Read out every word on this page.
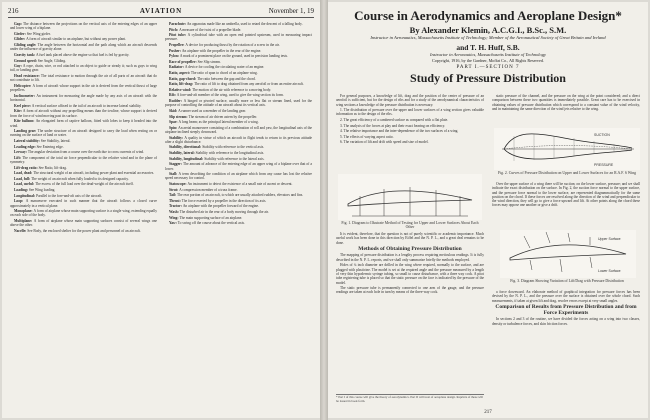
216	AVIATION	November 1, 19

Gap: The distance between the projections on the vertical axis of the entering edges of an upper and lower wing of a biplane.

Girder: See Wing girder.

Glider: A form of aircraft similar to an airplane, but without any power plant.

Gliding angle: The angle between the horizontal and the path along which an aircraft descends under the influence of gravity alone.

Gravity tank: A fuel tank placed above the engine so that fuel is fed by gravity.

Ground speed: See Angle, Gliding.

Guy: A rope, chain, wire, or rod attached to an object to guide or steady it; such as guys to wing tail, or landing gear.

Head resistance: The total resistance to motion through the air of all parts of an aircraft that do not contribute to lift.

Helicopter: A form of aircraft whose support in the air is derived from the vertical thrust of large propellers.

Inclinometer: An instrument for measuring the angle made by any axis of an aircraft with the horizontal.

Keel piece: A vertical surface affixed to the tail of an aircraft to increase lateral stability.

Kite: A form of aircraft without any propelling means than the towline, whose support is derived from the force of wind moving past its surface.

Kite balloon: An elongated form of captive balloon, fitted with lobes to keep it headed into the wind.

Landing gear: The under structure of an aircraft designed to carry the load when resting on or running on the surface of land or water.

Lateral stability: See Stability, lateral.

Leading edge: See Entering edge.

Leeway: The angular deviation from a course over the earth due to cross currents of wind.

Lift: The component of the total air force perpendicular to the relative wind and in the plane of symmetry.

Lift-drag ratio: See Ratio, lift-drag.

Load, dead: The structural weight of an aircraft, including power plant and essential accessories.

Load, full: The weight of an aircraft when fully loaded to its designed capacity.

Load, useful: The excess of the full load over the dead-weight of the aircraft itself.

Loading: See Wing loading.

Longitudinal: Parallel to the fore-and-aft axis of the aircraft.

Loop: A manoeuvre executed in such manner that the aircraft follows a closed curve approximately in a vertical plane.

Monoplane: A form of airplane whose main supporting surface is a single wing, extending equally on each side of the body.

Multiplane: A form of airplane whose main supporting surfaces consist of several wings one above the other.

Nacelle: See Body, the enclosed shelter for the power plant and personnel of an aircraft.

Parachute: An apparatus made like an umbrella, used to retard the descent of a falling body.

Pitch: A measure of the twist of a propeller blade.

Pitot tube: A cylindrical tube with an open end pointed upstream, used in measuring impact pressure.

Propeller: A device for producing thrust by the rotation of a screw in the air.

Pusher: An airplane with the propeller in the rear of the engine.

Pylon: A mark of a prominent place on the ground, used in precision landing tests.

Race of propeller: See Slip stream.

Radiator: A device for cooling the circulating water of an engine.

Ratio, aspect: The ratio of span to chord of an airplane wing.

Ratio, gap-chord: The ratio between the gap and the chord.

Ratio, lift-drag: The ratio of lift to drag obtained from any aerofoil or from an entire aircraft.

Relative wind: The motion of the air with reference to a moving body.

Rib: A fore-and-aft member of the wing, used to give the wing section its form.

Rudder: A hinged or pivoted surface, usually more or less flat or stream lined, used for the purpose of controlling the attitude of an aircraft about its vertical axis.

Skid: A runner used as a member of the landing gear.

Slip stream: The stream of air driven astern by the propeller.

Spar: A long beam; as the principal lateral member of a wing.

Spin: An aerial manoeuvre consisting of a combination of roll and yaw, the longitudinal axis of the airplane inclined steeply downward.

Stability: A quality in virtue of which an aircraft in flight tends to return to its previous attitude after a slight disturbance.

Stability, directional: Stability with reference to the vertical axis.

Stability, lateral: Stability with reference to the longitudinal axis.

Stability, longitudinal: Stability with reference to the lateral axis.

Stagger: The amount of advance of the entering edge of an upper wing of a biplane over that of a lower.

Stall: A term describing the condition of an airplane which from any cause has lost the relative speed necessary for control.

Statoscope: An instrument to detect the existence of a small rate of ascent or descent.

Strut: A compression member of a truss frame.

Tail: The rear portion of an aircraft, to which are usually attached rudders, elevators and fins.

Thrust: The force exerted by a propeller in the direction of its axis.

Tractor: An airplane with the propeller forward of the engine.

Wash: The disturbed air in the rear of a body moving through the air.

Wing: The main supporting surface of an airplane.

Yaw: To swing off the course about the vertical axis.

Course in Aerodynamics and Aeroplane Design*
By Alexander Klemin, A.C.G.I., B.Sc., S.M.
Instructor in Aeronautics, Massachusetts Institute of Technology; Member of the Aeronautical Society of Great Britain and Ireland
and T. H. Huff, S.B.
Instructor in Aeronautics, Massachusetts Institute of Technology
Copyright, 1916, by the Gardner, Moffat Co., All Rights Reserved.
PART I.—SECTION 7
Study of Pressure Distribution

For general purposes, a knowledge of lift, drag and the position of the center of pressure of an aerofoil is sufficient, but for the design of ribs and for a study of the aerodynamical characteristics of wing sections a knowledge of the pressure distribution is necessary.

1. The distribution of pressure over the upper and lower surfaces of a wing section gives valuable information as to the design of the ribs.

2. The great efficiency of a cambered surface as compared with a flat plate.

3. The analysis of the forces at play and their exact bearing on efficiency.

4. The relative importance and the inter-dependence of the two surfaces of a wing.

5. The effects of varying aspect ratio.

6. The variation of lift and drift with speed and size of model.

Fig. 1. Diagram to Illustrate Method of Testing for Upper and Lower Surfaces About Each Other

It is evident, therefore, that the question is not of purely scientific or academic importance. Much useful work has been done in this direction by Eiffel and the N. P. L., and a great deal remains to be done.

Methods of Obtaining Pressure Distribution

The mapping of pressure distribution is a lengthy process requiring meticulous readings. It is fully described in the N. P. L. reports, and we shall only summarize briefly the methods employed.

Holes of ¼ inch diameter are drilled in the wing where required, normally to the surface, and are plugged with plasticine. The model is set at the required angle and the pressure measured by a length of very thin hypodermic syringe tubing, so small to cause disturbance, with a three way cock. A pitot tube registering tube is placed so that the static pressure on the face is indicated by the pressure of the model.

The static pressure tube is permanently connected to one arm of the gauge, and the pressure readings are taken at each hole in turn by means of the three-way cock.

static pressure of the channel, and the pressure on the wing at the point considered; and a direct comparison between these two quantities is immediately possible. Great care has to be exercised in obtaining values of pressure distribution which correspond to a constant value of the wind velocity, and in maintaining the same direction of the wind jets relative to the wing.

SUCTION
PRESSURE
Fig. 2. Curves of Pressure Distribution on Upper and Lower Surfaces for an R.A.F. 6 Wing

Over the upper surface of a wing there will be suction; on the lower surface, pressure; and we shall indicate the exact distribution on the surface. In Fig. 2, the suction force normal to the upper surface, and the pressure force normal to the lower surface, are represented diagrammatically for the same position on the chord. If these forces are resolved along the direction of the wind and perpendicular to the wind direction, they will go to give a force upward and lift. At other points along the chord these forces may oppose one another or give a drift.

Upper Surface
Lower Surface
Fig. 3. Diagram Showing Variation of Lift/Drag with Pressure Distribution

a force downward. An elaborate method of graphical integration for pressure forces has been devised by the N. P. L., and the pressure over the surface is obtained over the whole chord. Such measurements, if taken at given lift and drag, resolve errors except at very small angles.

Comparison of Results from Pressure Distribution and from Force Experiments

In sections 2 and 3 of the routine, we have divided the forces acting on a wing into two classes, density or turbulence forces, and skin friction forces.

* Part I of this course will give the theory of aerodynamics. Part II will treat of aeroplane design. Reprints of these will be issued in book form.
217
